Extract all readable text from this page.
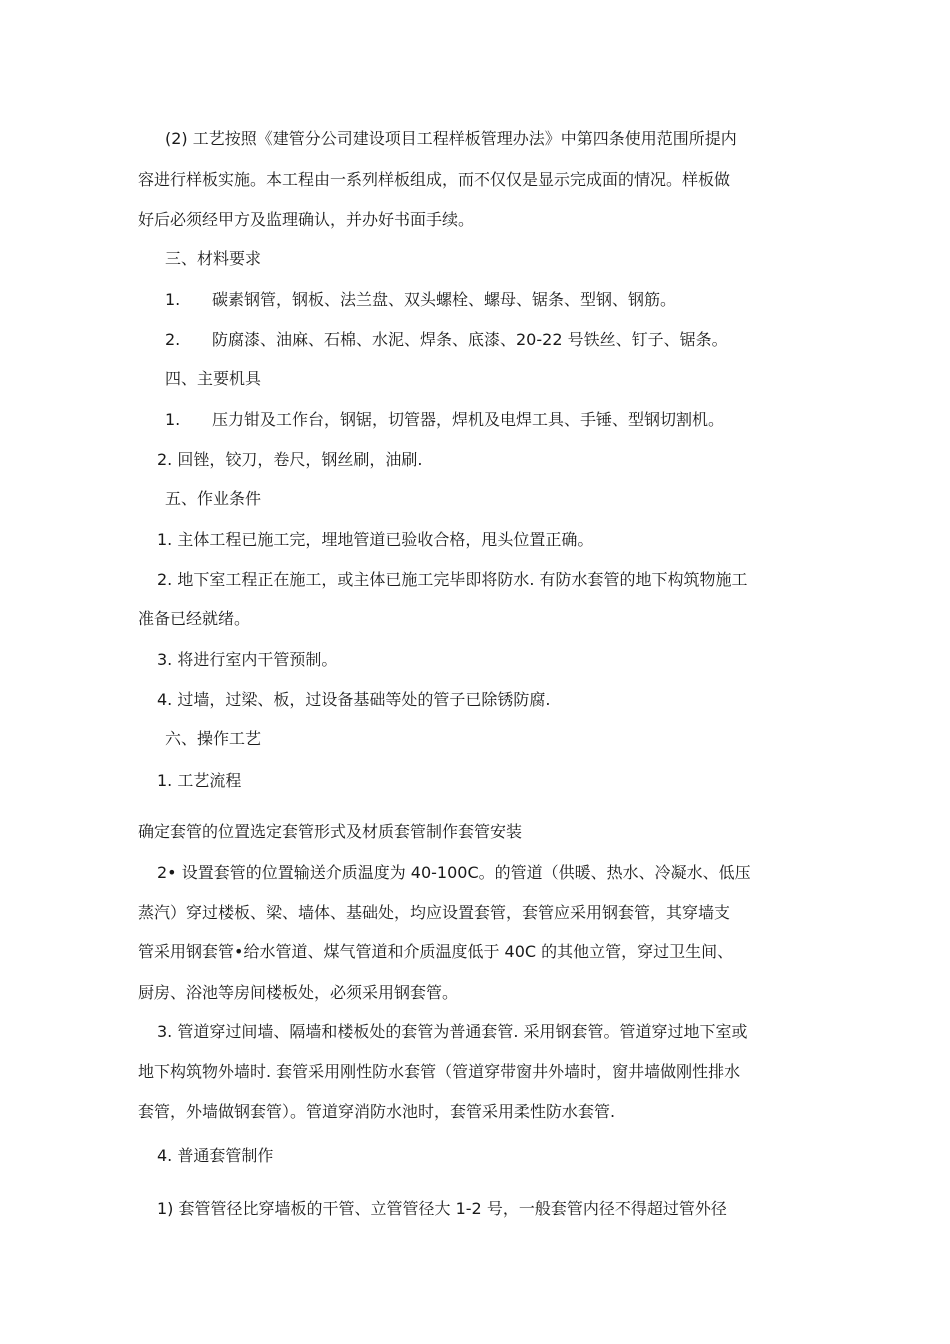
(2) 工艺按照《建管分公司建设项目工程样板管理办法》中第四条使用范围所提内
容进行样板实施。本工程由一系列样板组成，而不仅仅是显示完成面的情况。样板做
好后必须经甲方及监理确认，并办好书面手续。
三、材料要求
1. 碳素钢管，钢板、法兰盘、双头螺栓、螺母、锯条、型钢、钢筋。
2. 防腐漆、油麻、石棉、水泥、焊条、底漆、20-22 号铁丝、钉子、锯条。
四、主要机具
1. 压力钳及工作台，钢锯，切管器，焊机及电焊工具、手锤、型钢切割机。
2. 回锉，铰刀，卷尺，钢丝刷，油刷.
五、作业条件
1. 主体工程已施工完，埋地管道已验收合格，甩头位置正确。
2. 地下室工程正在施工，或主体已施工完毕即将防水. 有防水套管的地下构筑物施工
准备已经就绪。
3. 将进行室内干管预制。
4. 过墙，过梁、板，过设备基础等处的管子已除锈防腐.
六、操作工艺
1. 工艺流程
确定套管的位置选定套管形式及材质套管制作套管安装
2• 设置套管的位置输送介质温度为 40-100C。的管道（供暖、热水、冷凝水、低压
蒸汽）穿过楼板、梁、墙体、基础处，均应设置套管，套管应采用钢套管，其穿墙支
管采用钢套管•给水管道、煤气管道和介质温度低于 40C 的其他立管，穿过卫生间、
厨房、浴池等房间楼板处，必须采用钢套管。
3. 管道穿过间墙、隔墙和楼板处的套管为普通套管. 采用钢套管。管道穿过地下室或
地下构筑物外墙时. 套管采用刚性防水套管（管道穿带窗井外墙时，窗井墙做刚性排水
套管，外墙做钢套管）。管道穿消防水池时，套管采用柔性防水套管.
4. 普通套管制作
1) 套管管径比穿墙板的干管、立管管径大 1-2 号，一般套管内径不得超过管外径
